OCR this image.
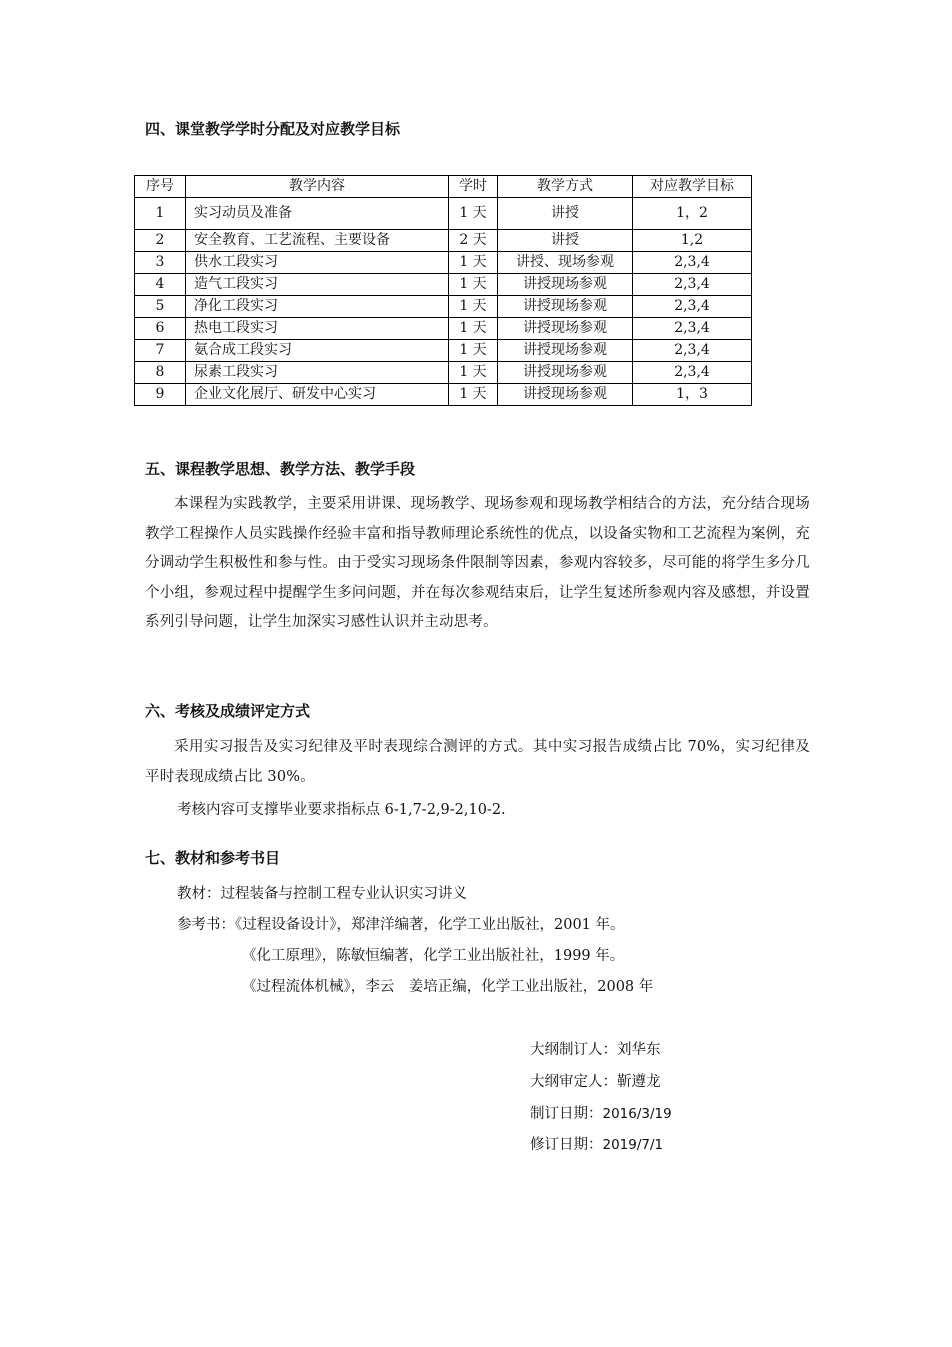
四、课堂教学学时分配及对应教学目标
序号	教学内容	学时	教学方式	对应教学目标
1	实习动员及准备	1 天	讲授	1，2
2	安全教育、工艺流程、主要设备	2 天	讲授	1,2
3	供水工段实习	1 天	讲授、现场参观	2,3,4
4	造气工段实习	1 天	讲授现场参观	2,3,4
5	净化工段实习	1 天	讲授现场参观	2,3,4
6	热电工段实习	1 天	讲授现场参观	2,3,4
7	氨合成工段实习	1 天	讲授现场参观	2,3,4
8	尿素工段实习	1 天	讲授现场参观	2,3,4
9	企业文化展厅、研发中心实习	1 天	讲授现场参观	1，3
五、课程教学思想、教学方法、教学手段
本课程为实践教学，主要采用讲课、现场教学、现场参观和现场教学相结合的方法，充分结合现场教学工程操作人员实践操作经验丰富和指导教师理论系统性的优点，以设备实物和工艺流程为案例，充分调动学生积极性和参与性。由于受实习现场条件限制等因素，参观内容较多，尽可能的将学生多分几个小组，参观过程中提醒学生多问问题，并在每次参观结束后，让学生复述所参观内容及感想，并设置系列引导问题，让学生加深实习感性认识并主动思考。
六、考核及成绩评定方式
采用实习报告及实习纪律及平时表现综合测评的方式。其中实习报告成绩占比 70%，实习纪律及平时表现成绩占比 30%。
考核内容可支撑毕业要求指标点 6-1,7-2,9-2,10-2.
七、教材和参考书目
教材：过程装备与控制工程专业认识实习讲义
参考书：《过程设备设计》，郑津洋编著，化学工业出版社，2001 年。
《化工原理》，陈敏恒编著，化学工业出版社社，1999 年。
《过程流体机械》，李云　姜培正编，化学工业出版社，2008 年
大纲制订人：刘华东
大纲审定人：靳遵龙
制订日期：2016/3/19
修订日期：2019/7/1
